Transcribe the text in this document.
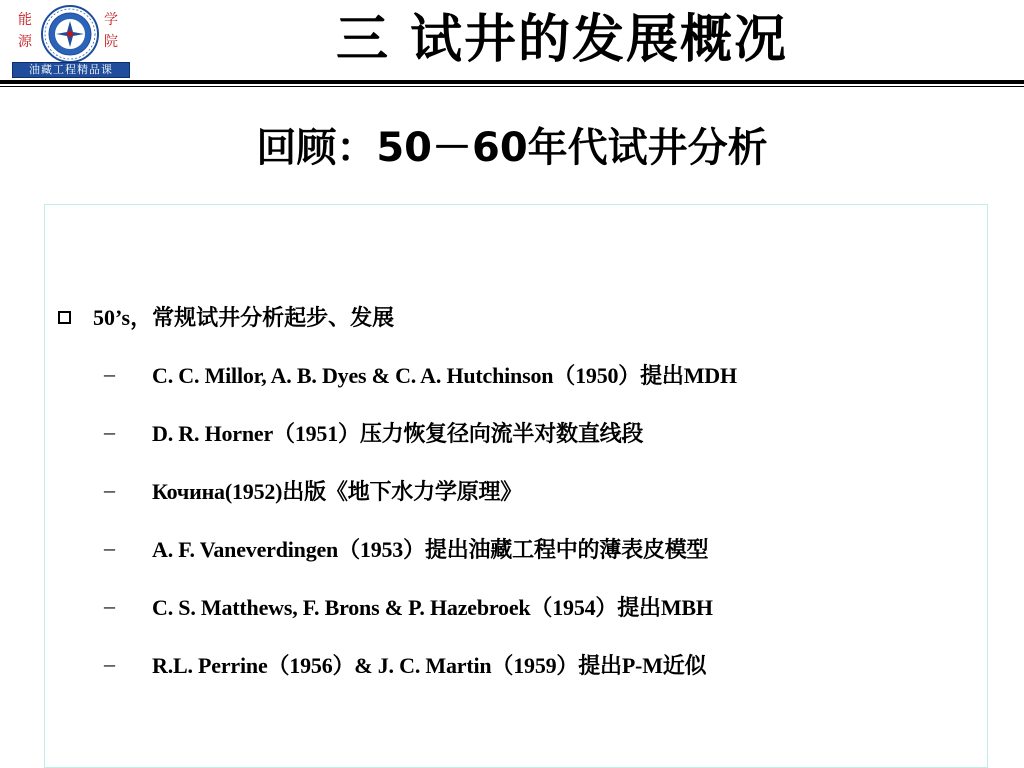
能
源
学
院
油藏工程精品课	三 试井的发展概况
回顾：50－60年代试井分析
50’s，常规试井分析起步、发展
–	C. C. Millor, A. B. Dyes & C. A. Hutchinson（1950）提出MDH
–	D. R. Horner（1951）压力恢复径向流半对数直线段
–	Кочина(1952)出版《地下水力学原理》
–	A. F. Vaneverdingen（1953）提出油藏工程中的薄表皮模型
–	C. S. Matthews, F. Brons & P. Hazebroek（1954）提出MBH
–	R.L. Perrine（1956）& J. C. Martin（1959）提出P-M近似
